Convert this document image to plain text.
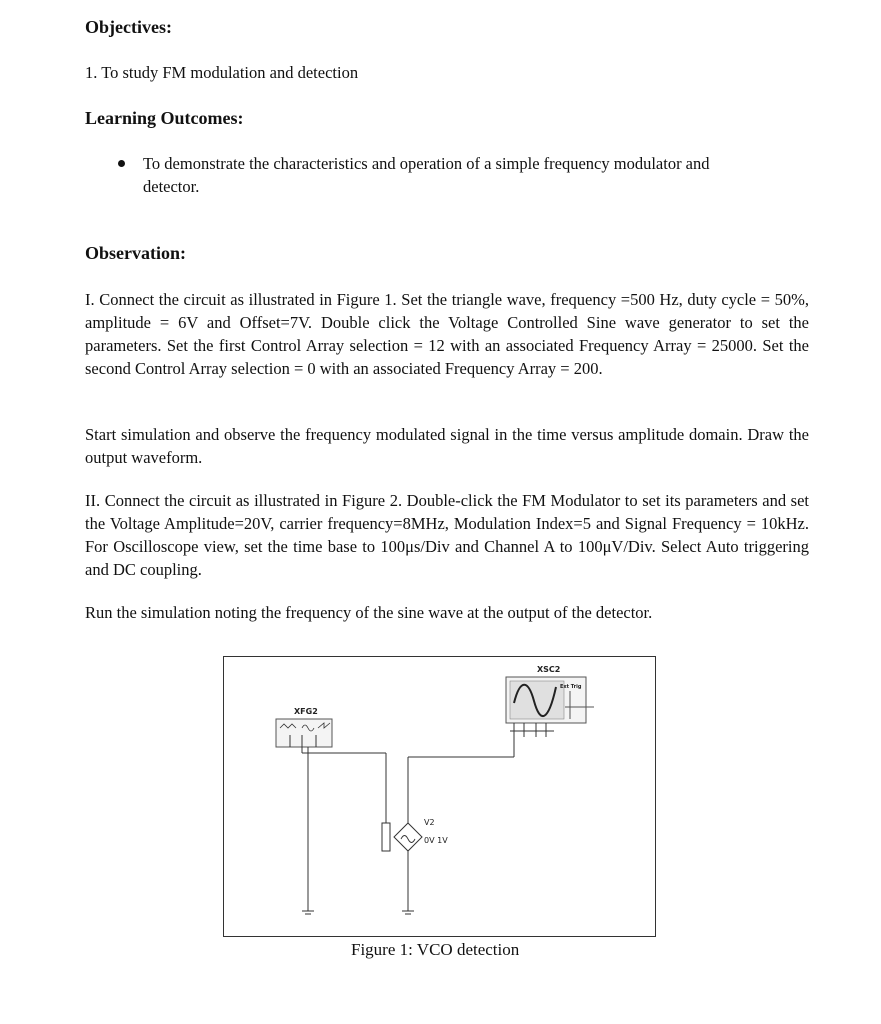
Objectives:
1. To study FM modulation and detection
Learning Outcomes:
To demonstrate the characteristics and operation of a simple frequency modulator and
detector.
Observation:
I. Connect the circuit as illustrated in Figure 1. Set the triangle wave, frequency =500 Hz, duty cycle = 50%, amplitude = 6V and Offset=7V. Double click the Voltage Controlled Sine wave generator to set the parameters. Set the first Control Array selection = 12 with an associated Frequency Array = 25000. Set the second Control Array selection = 0 with an associated Frequency Array = 200.
Start simulation and observe the frequency modulated signal in the time versus amplitude domain. Draw the output waveform.
II. Connect the circuit as illustrated in Figure 2. Double-click the FM Modulator to set its parameters and set the Voltage Amplitude=20V, carrier frequency=8MHz, Modulation Index=5 and Signal Frequency = 10kHz. For Oscilloscope view, set the time base to 100μs/Div and Channel A to 100μV/Div. Select Auto triggering and DC coupling.
Run the simulation noting the frequency of the sine wave at the output of the detector.
XSC2
Ext Trig
XFG2
V2
0V 1V
Figure 1: VCO detection
